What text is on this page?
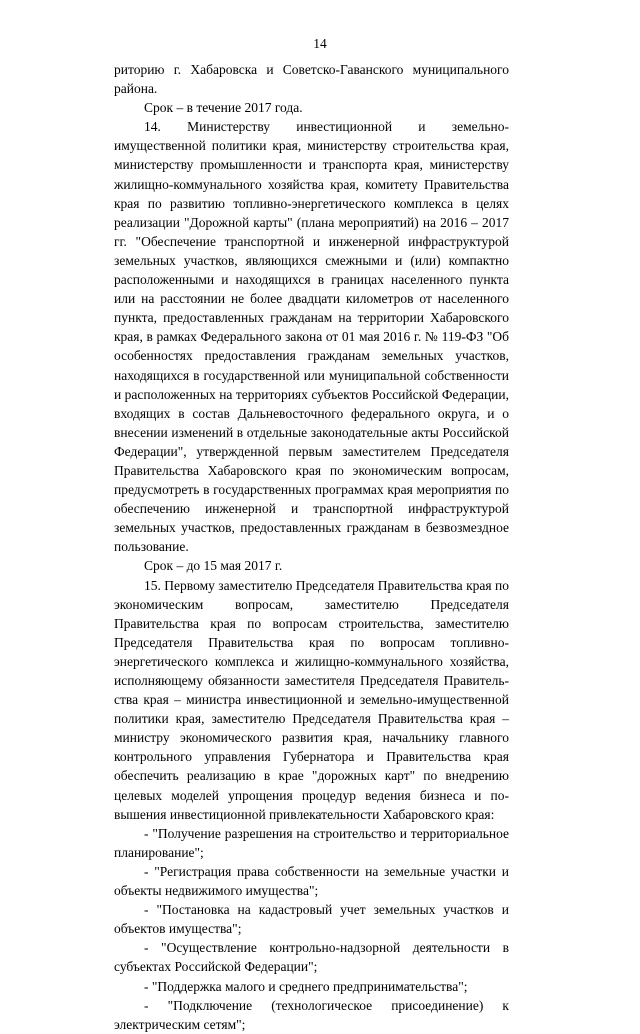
14

риторию г. Хабаровска и Советско-Гаванского муниципального района.

Срок – в течение 2017 года.

14. Министерству инвестиционной и земельно-имущественной политики края, министерству строительства края, министерству промышленности и транспорта края, министерству жилищно-коммунального хозяйства края, комитету Правительства края по развитию топливно-энергетического комплекса в целях реализации "Дорожной карты" (плана мероприятий) на 2016 – 2017 гг. "Обеспечение транспортной и инженерной инфраструктурой земельных участков, являющихся смежными и (или) компактно расположенными и находящихся в границах населенного пункта или на расстоянии не более двадцати километров от населенного пункта, предоставленных гражданам на территории Хабаровского края, в рамках Федерального закона от 01 мая 2016 г. № 119-ФЗ "Об особенностях предоставления гражданам земельных участков, находящихся в государственной или муниципальной собственности и расположенных на территориях субъектов Российской Федерации, входящих в состав Дальневосточного федерального округа, и о внесении изменений в отдельные законодательные акты Российской Федерации", утвержденной первым заместителем Председателя Правительства Хабаровского края по экономическим вопросам, предусмотреть в государственных программах края мероприятия по обеспечению инженерной и транспортной инфраструктурой земельных участков, предоставленных гражданам в безвозмездное пользование.

Срок – до 15 мая 2017 г.

15. Первому заместителю Председателя Правительства края по экономическим вопросам, заместителю Председателя Правительства края по вопросам строительства, заместителю Председателя Правительства края по вопросам топливно-энергетического комплекса и жилищно-коммунального хозяйства, исполняющему обязанности заместителя Председателя Правительства края – министра инвестиционной и земельно-имущественной политики края, заместителю Председателя Правительства края – министру экономического развития края, начальнику главного контрольного управления Губернатора и Правительства края обеспечить реализацию в крае "дорожных карт" по внедрению целевых моделей упрощения процедур ведения бизнеса и повышения инвестиционной привлекательности Хабаровского края:

- "Получение разрешения на строительство и территориальное планирование";

- "Регистрация права собственности на земельные участки и объекты недвижимого имущества";

- "Постановка на кадастровый учет земельных участков и объектов имущества";

- "Осуществление контрольно-надзорной деятельности в субъектах Российской Федерации";

- "Поддержка малого и среднего предпринимательства";

- "Подключение (технологическое присоединение) к электрическим сетям";
